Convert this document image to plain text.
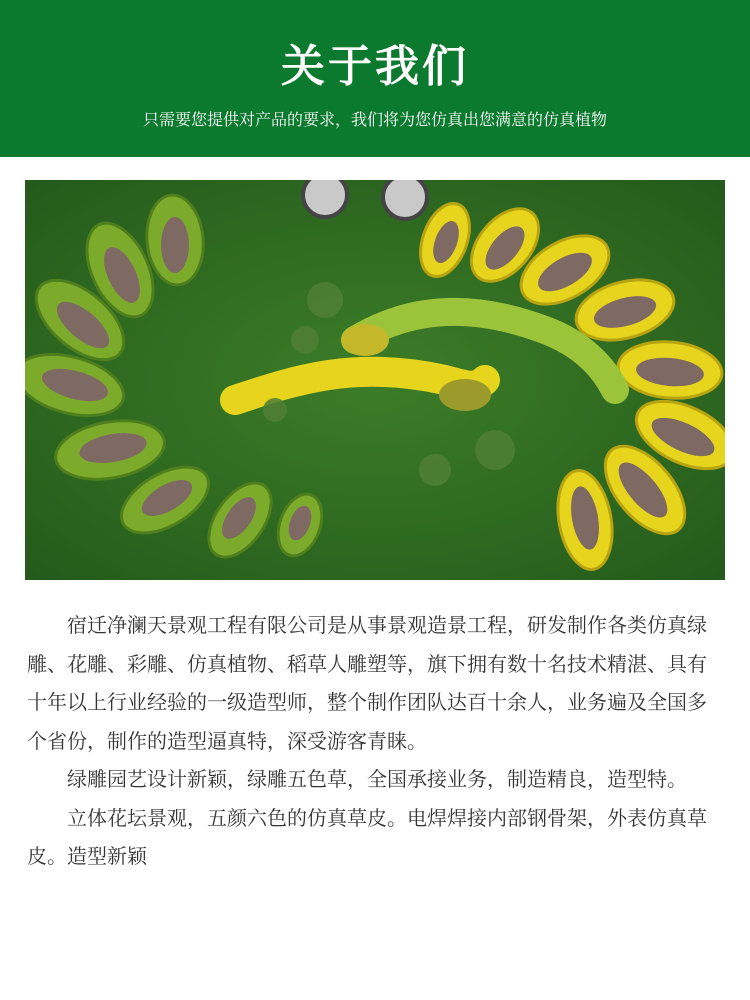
关于我们
只需要您提供对产品的要求，我们将为您仿真出您满意的仿真植物

宿迁净澜天景观工程有限公司是从事景观造景工程，研发制作各类仿真绿雕、花雕、彩雕、仿真植物、稻草人雕塑等，旗下拥有数十名技术精湛、具有十年以上行业经验的一级造型师，整个制作团队达百十余人，业务遍及全国多个省份，制作的造型逼真特，深受游客青睐。

绿雕园艺设计新颖，绿雕五色草，全国承接业务，制造精良，造型特。

立体花坛景观，五颜六色的仿真草皮。电焊焊接内部钢骨架，外表仿真草皮。造型新颖
